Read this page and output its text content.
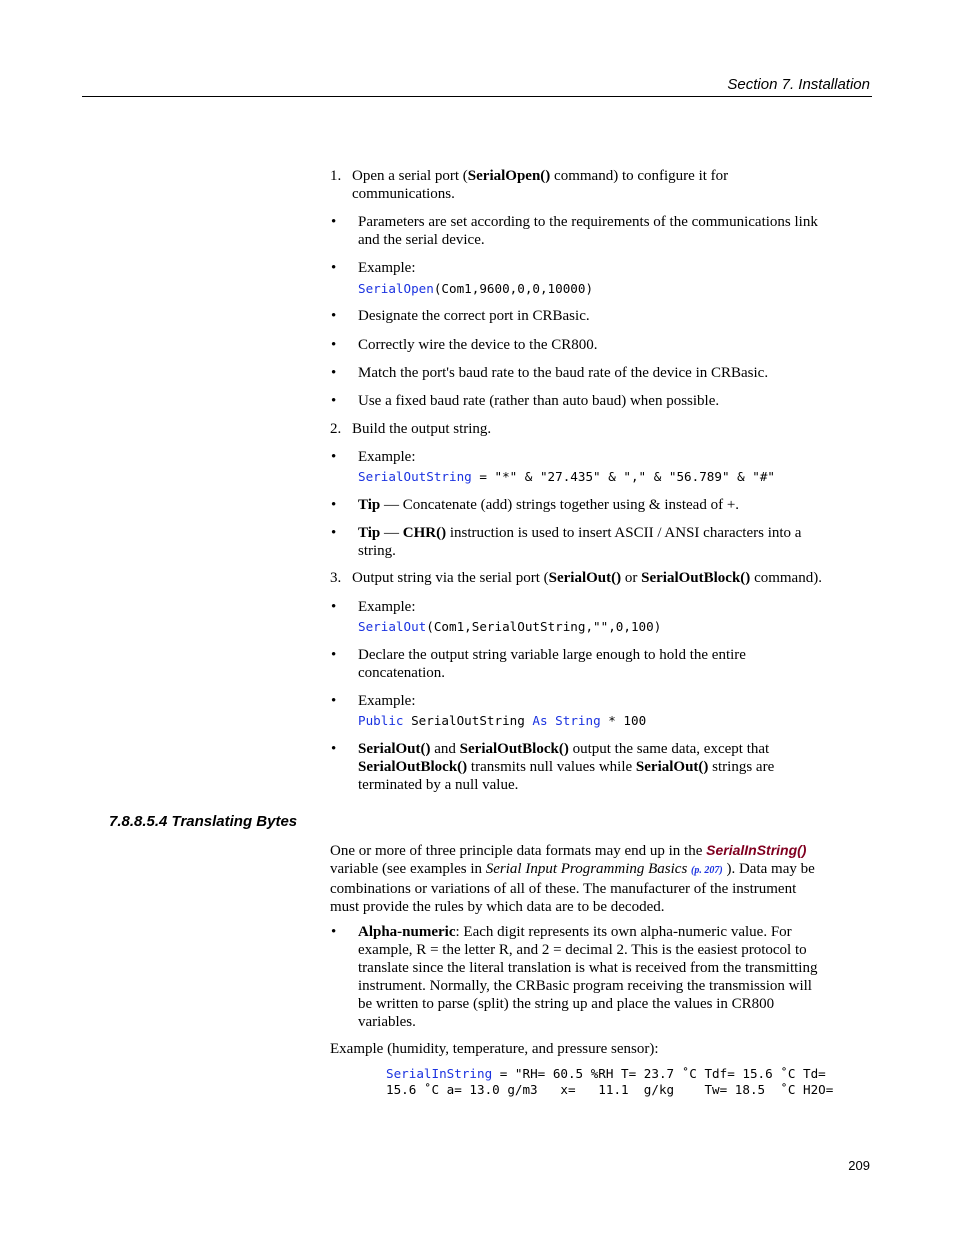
Section 7. Installation
1. Open a serial port (SerialOpen() command) to configure it for
communications.
• Parameters are set according to the requirements of the communications link
and the serial device.
• Example:
SerialOpen(Com1,9600,0,0,10000)
• Designate the correct port in CRBasic.
• Correctly wire the device to the CR800.
• Match the port's baud rate to the baud rate of the device in CRBasic.
• Use a fixed baud rate (rather than auto baud) when possible.
2. Build the output string.
• Example:
SerialOutString = "*" & "27.435" & "," & "56.789" & "#"
• Tip — Concatenate (add) strings together using & instead of +.
• Tip — CHR() instruction is used to insert ASCII / ANSI characters into a
string.
3. Output string via the serial port (SerialOut() or SerialOutBlock() command).
• Example:
SerialOut(Com1,SerialOutString,"",0,100)
• Declare the output string variable large enough to hold the entire
concatenation.
• Example:
Public SerialOutString As String * 100
• SerialOut() and SerialOutBlock() output the same data, except that
SerialOutBlock() transmits null values while SerialOut() strings are
terminated by a null value.
7.8.8.5.4 Translating Bytes
One or more of three principle data formats may end up in the SerialInString()
variable (see examples in Serial Input Programming Basics (p. 207) ). Data may be
combinations or variations of all of these. The manufacturer of the instrument
must provide the rules by which data are to be decoded.
• Alpha-numeric: Each digit represents its own alpha-numeric value. For
example, R = the letter R, and 2 = decimal 2. This is the easiest protocol to
translate since the literal translation is what is received from the transmitting
instrument. Normally, the CRBasic program receiving the transmission will
be written to parse (split) the string up and place the values in CR800
variables.
Example (humidity, temperature, and pressure sensor):
SerialInString = "RH= 60.5 %RH T= 23.7 ˚C Tdf= 15.6 ˚C Td=
15.6 ˚C a= 13.0 g/m3   x=   11.1  g/kg    Tw= 18.5  ˚C H2O=
209
